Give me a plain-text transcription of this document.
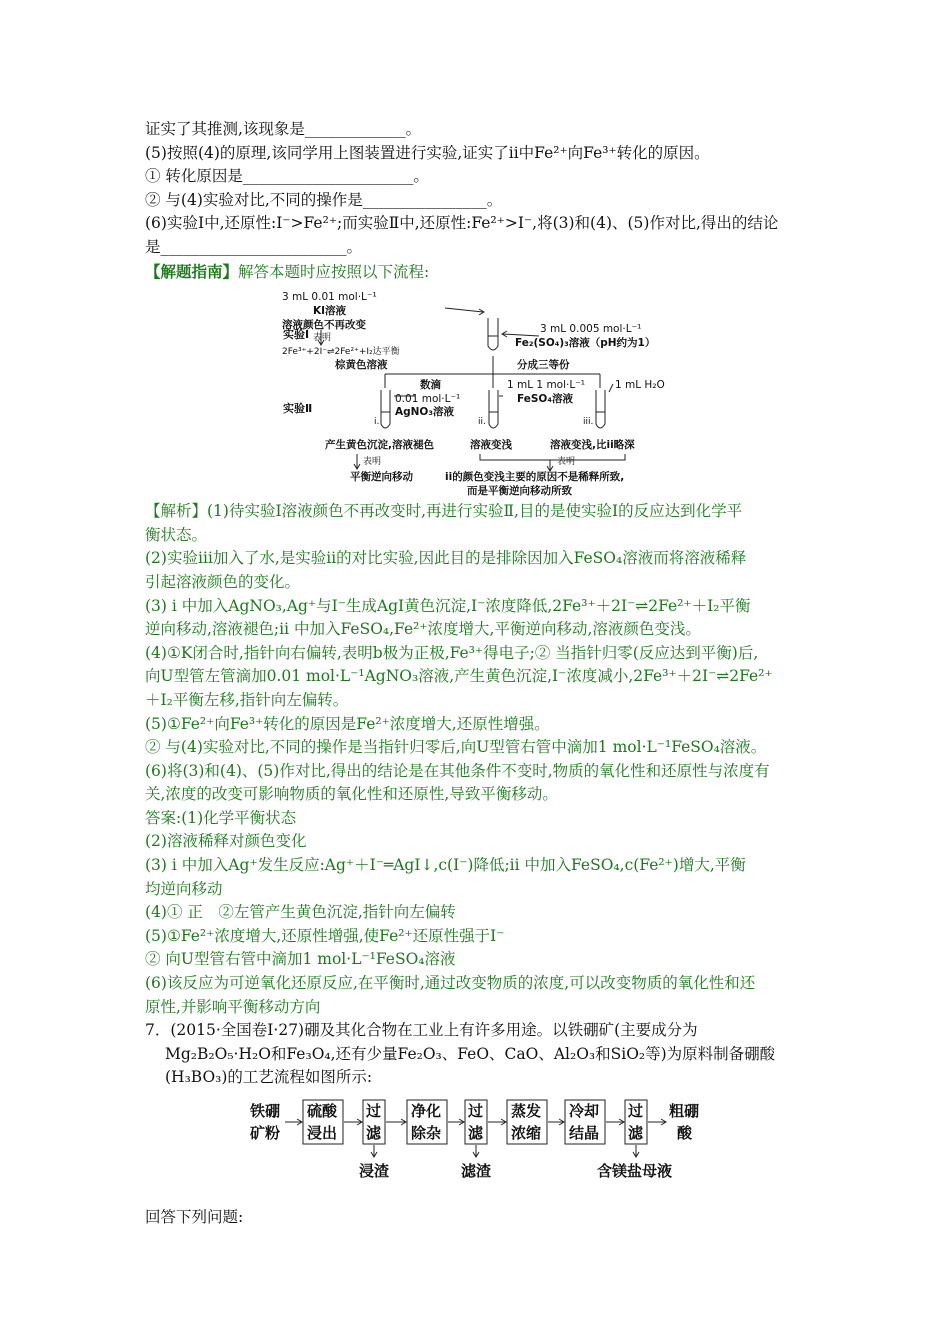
证实了其推测,该现象是_____________。
(5)按照(4)的原理,该同学用上图装置进行实验,证实了ⅱ中Fe²⁺向Fe³⁺转化的原因。
① 转化原因是______________________。
② 与(4)实验对比,不同的操作是________________。
(6)实验Ⅰ中,还原性:I⁻>Fe²⁺;而实验Ⅱ中,还原性:Fe²⁺>I⁻,将(3)和(4)、(5)作对比,得出的结论
是________________________。
【解题指南】解答本题时应按照以下流程:
3 mL 0.01 mol·L⁻¹
KI溶液
溶液颜色不再改变
2Fe³⁺+2I⁻⇌2Fe²⁺+I₂达平衡
表明
实验Ⅰ	3 mL 0.005 mol·L⁻¹
Fe₂(SO₄)₃溶液（pH约为1）
棕黄色溶液	分成三等份
实验Ⅱ
数滴
0.01 mol·L⁻¹
AgNO₃溶液
1 mL 1 mol·L⁻¹
FeSO₄溶液
1 mL H₂O
i.	ii.	iii.
产生黄色沉淀,溶液褪色	溶液变浅	溶液变浅,比ii略深
表明
平衡逆向移动
表明
ii的颜色变浅主要的原因不是稀释所致,
而是平衡逆向移动所致
【解析】(1)待实验Ⅰ溶液颜色不再改变时,再进行实验Ⅱ,目的是使实验Ⅰ的反应达到化学平
衡状态。
(2)实验ⅲ加入了水,是实验ⅱ的对比实验,因此目的是排除因加入FeSO₄溶液而将溶液稀释
引起溶液颜色的变化。
(3) ⅰ 中加入AgNO₃,Ag⁺与I⁻生成AgI黄色沉淀,I⁻浓度降低,2Fe³⁺＋2I⁻⇌2Fe²⁺＋I₂平衡
逆向移动,溶液褪色;ⅱ 中加入FeSO₄,Fe²⁺浓度增大,平衡逆向移动,溶液颜色变浅。
(4)①K闭合时,指针向右偏转,表明b极为正极,Fe³⁺得电子;② 当指针归零(反应达到平衡)后,
向U型管左管滴加0.01 mol·L⁻¹AgNO₃溶液,产生黄色沉淀,I⁻浓度减小,2Fe³⁺＋2I⁻⇌2Fe²⁺
＋I₂平衡左移,指针向左偏转。
(5)①Fe²⁺向Fe³⁺转化的原因是Fe²⁺浓度增大,还原性增强。
② 与(4)实验对比,不同的操作是当指针归零后,向U型管右管中滴加1 mol·L⁻¹FeSO₄溶液。
(6)将(3)和(4)、(5)作对比,得出的结论是在其他条件不变时,物质的氧化性和还原性与浓度有
关,浓度的改变可影响物质的氧化性和还原性,导致平衡移动。
答案:(1)化学平衡状态
(2)溶液稀释对颜色变化
(3) ⅰ 中加入Ag⁺发生反应:Ag⁺＋I⁻═AgI↓,c(I⁻)降低;ⅱ 中加入FeSO₄,c(Fe²⁺)增大,平衡
均逆向移动
(4)① 正　②左管产生黄色沉淀,指针向左偏转
(5)①Fe²⁺浓度增大,还原性增强,使Fe²⁺还原性强于I⁻
② 向U型管右管中滴加1 mol·L⁻¹FeSO₄溶液
(6)该反应为可逆氧化还原反应,在平衡时,通过改变物质的浓度,可以改变物质的氧化性和还
原性,并影响平衡移动方向
7．(2015·全国卷Ⅰ·27)硼及其化合物在工业上有许多用途。以铁硼矿(主要成分为
Mg₂B₂O₅·H₂O和Fe₃O₄,还有少量Fe₂O₃、FeO、CaO、Al₂O₃和SiO₂等)为原料制备硼酸
(H₃BO₃)的工艺流程如图所示:
铁硼
矿粉
硫酸
浸出
过
滤
净化
除杂
过
滤
蒸发
浓缩
冷却
结晶
过
滤
粗硼
酸
浸渣	滤渣	含镁盐母液
回答下列问题:
